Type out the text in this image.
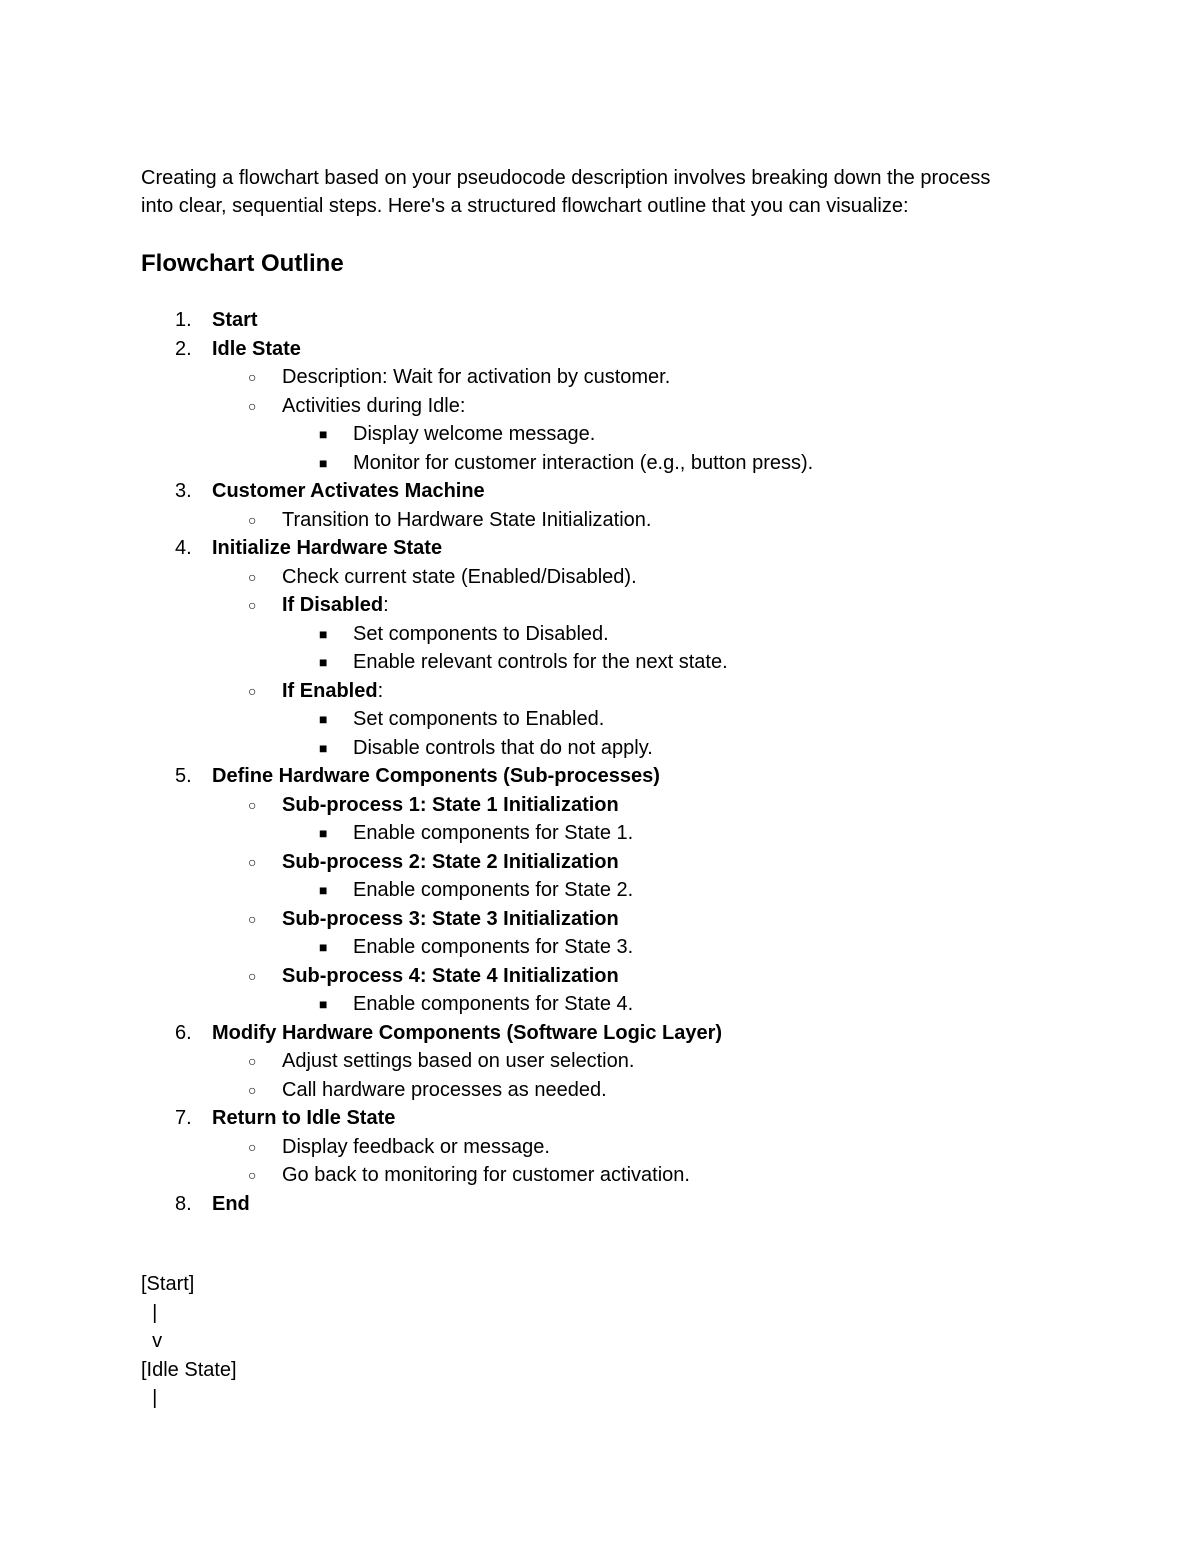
Creating a flowchart based on your pseudocode description involves breaking down the process
into clear, sequential steps. Here's a structured flowchart outline that you can visualize:

Flowchart Outline
1. Start
2. Idle State
○ Description: Wait for activation by customer.
○ Activities during Idle:
■ Display welcome message.
■ Monitor for customer interaction (e.g., button press).
3. Customer Activates Machine
○ Transition to Hardware State Initialization.
4. Initialize Hardware State
○ Check current state (Enabled/Disabled).
○ If Disabled:
■ Set components to Disabled.
■ Enable relevant controls for the next state.
○ If Enabled:
■ Set components to Enabled.
■ Disable controls that do not apply.
5. Define Hardware Components (Sub-processes)
○ Sub-process 1: State 1 Initialization
■ Enable components for State 1.
○ Sub-process 2: State 2 Initialization
■ Enable components for State 2.
○ Sub-process 3: State 3 Initialization
■ Enable components for State 3.
○ Sub-process 4: State 4 Initialization
■ Enable components for State 4.
6. Modify Hardware Components (Software Logic Layer)
○ Adjust settings based on user selection.
○ Call hardware processes as needed.
7. Return to Idle State
○ Display feedback or message.
○ Go back to monitoring for customer activation.
8. End
[Start]
|
v
[Idle State]
|
